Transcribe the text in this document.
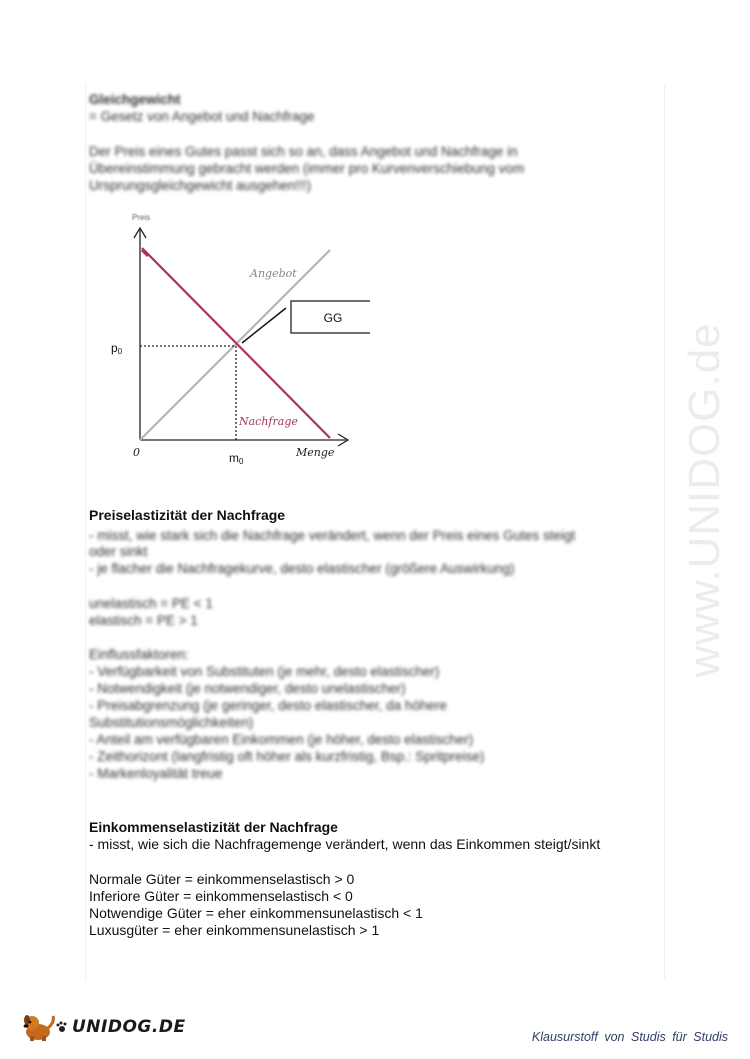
www.UNIDOG.de
Gleichgewicht
= Gesetz von Angebot und Nachfrage
Der Preis eines Gutes passt sich so an, dass Angebot und Nachfrage in
Übereinstimmung gebracht werden (immer pro Kurvenverschiebung vom
Ursprungsgleichgewicht ausgehen!!!)
Preis
GG
Angebot
Nachfrage
0	Menge
p0
m0
Preiselastizität der Nachfrage
- misst, wie stark sich die Nachfrage verändert, wenn der Preis eines Gutes steigt
oder sinkt
- je flacher die Nachfragekurve, desto elastischer (größere Auswirkung)
unelastisch = PE < 1
elastisch = PE > 1
Einflussfaktoren:
- Verfügbarkeit von Substituten (je mehr, desto elastischer)
- Notwendigkeit (je notwendiger, desto unelastischer)
- Preisabgrenzung (je geringer, desto elastischer, da höhere
Substitutionsmöglichkeiten)
- Anteil am verfügbaren Einkommen (je höher, desto elastischer)
- Zeithorizont (langfristig oft höher als kurzfristig, Bsp.: Spritpreise)
- Markenloyalität treue
Einkommenselastizität der Nachfrage
- misst, wie sich die Nachfragemenge verändert, wenn das Einkommen steigt/sinkt
Normale Güter = einkommenselastisch > 0
Inferiore Güter = einkommenselastisch < 0
Notwendige Güter = eher einkommensunelastisch < 1
Luxusgüter = eher einkommensunelastisch > 1
UNIDOG.DE	Klausurstoff von Studis für Studis
